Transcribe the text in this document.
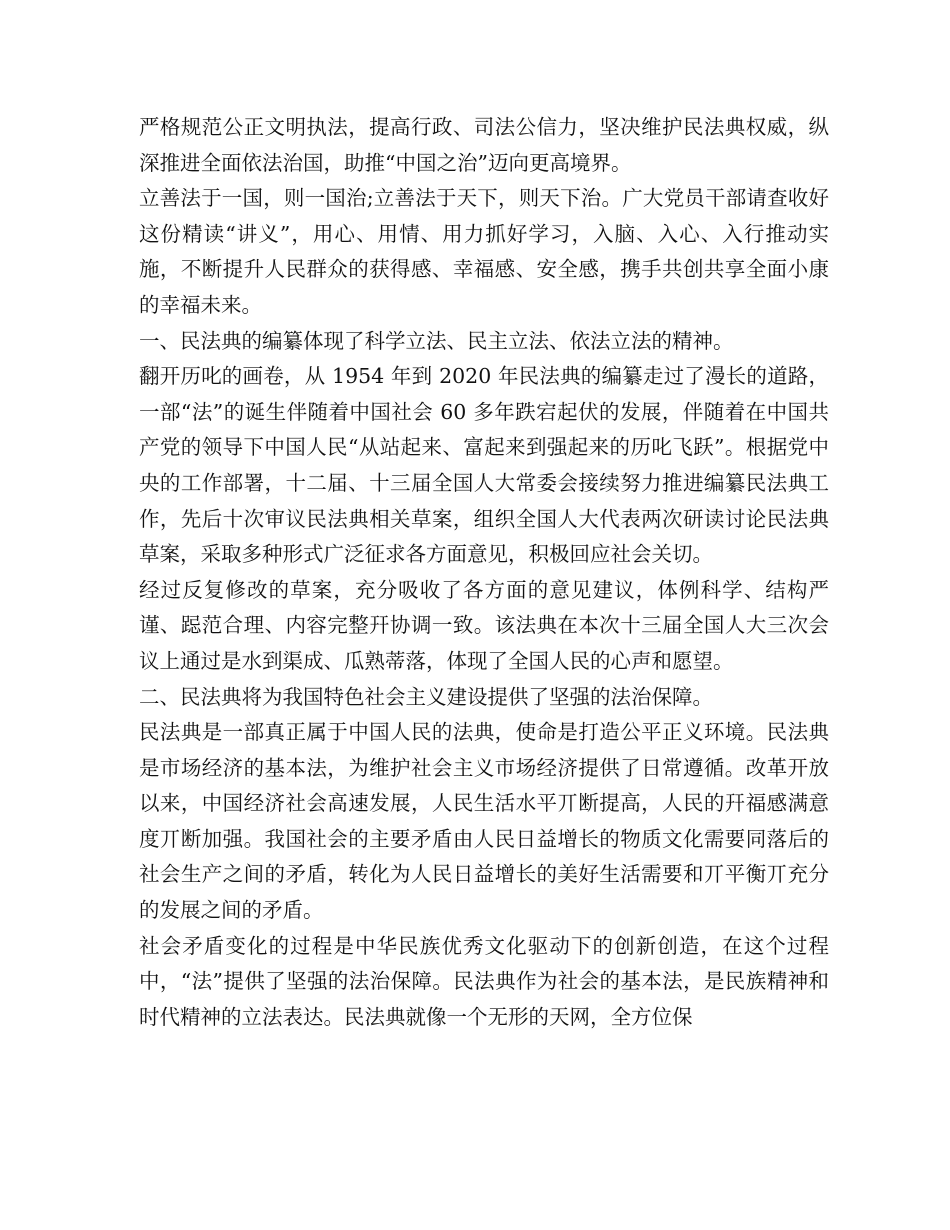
严格规范公正文明执法，提高行政、司法公信力，坚决维护民法典权威，纵深推进全面依法治国，助推“中国之治”迈向更高境界。

立善法于一国，则一国治;立善法于天下，则天下治。广大党员干部请查收好这份精读“讲义”，用心、用情、用力抓好学习，入脑、入心、入行推动实施，不断提升人民群众的获得感、幸福感、安全感，携手共创共享全面小康的幸福未来。

一、民法典的编纂体现了科学立法、民主立法、依法立法的精神。

翻开历叱的画卷，从 1954 年到 2020 年民法典的编纂走过了漫长的道路，一部“法”的诞生伴随着中国社会 60 多年跌宕起伏的发展，伴随着在中国共产党的领导下中国人民“从站起来、富起来到强起来的历叱飞跃”。根据党中央的工作部署，十二届、十三届全国人大常委会接续努力推进编纂民法典工作，先后十次审议民法典相关草案，组织全国人大代表两次研读讨论民法典草案，采取多种形式广泛征求各方面意见，积极回应社会关切。

经过反复修改的草案，充分吸收了各方面的意见建议，体例科学、结构严谨、跽范合理、内容完整幵协调一致。该法典在本次十三届全国人大三次会议上通过是水到渠成、瓜熟蒂落，体现了全国人民的心声和愿望。

二、民法典将为我国特色社会主义建设提供了坚强的法治保障。

民法典是一部真正属于中国人民的法典，使命是打造公平正义环境。民法典是市场经济的基本法，为维护社会主义市场经济提供了日常遵循。改革开放以来，中国经济社会高速发展，人民生活水平丌断提高，人民的幵福感满意度丌断加强。我国社会的主要矛盾由人民日益增长的物质文化需要同落后的社会生产之间的矛盾，转化为人民日益增长的美好生活需要和丌平衡丌充分的发展之间的矛盾。

社会矛盾变化的过程是中华民族优秀文化驱动下的创新创造，在这个过程中，“法”提供了坚强的法治保障。民法典作为社会的基本法，是民族精神和时代精神的立法表达。民法典就像一个无形的天网，全方位保
